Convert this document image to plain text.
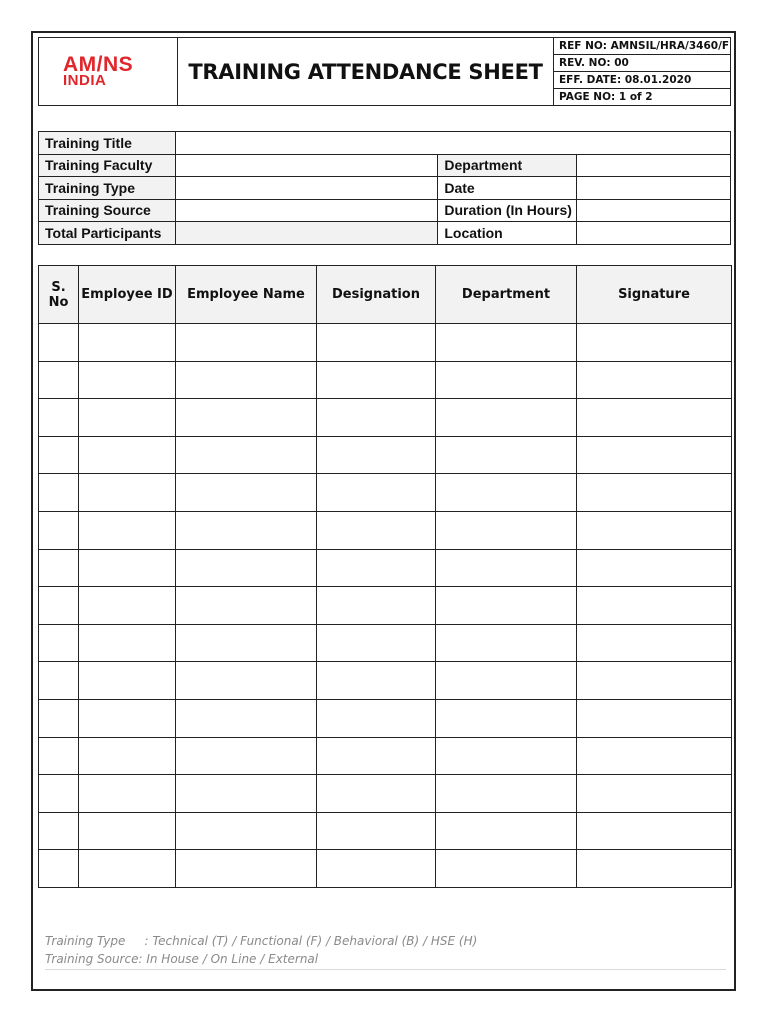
AM/NS
INDIA	TRAINING ATTENDANCE SHEET
REF NO: AMNSIL/HRA/3460/F
REV. NO: 00
EFF. DATE: 08.01.2020
PAGE NO: 1 of 2
Training Title			
Training Faculty		Department	
Training Type		Date	
Training Source		Duration (In Hours)	
Total Participants		Location	
S. No	Employee ID	Employee Name	Designation	Department	Signature

Training Type     : Technical (T) / Functional (F) / Behavioral (B) / HSE (H)
Training Source: In House / On Line / External
